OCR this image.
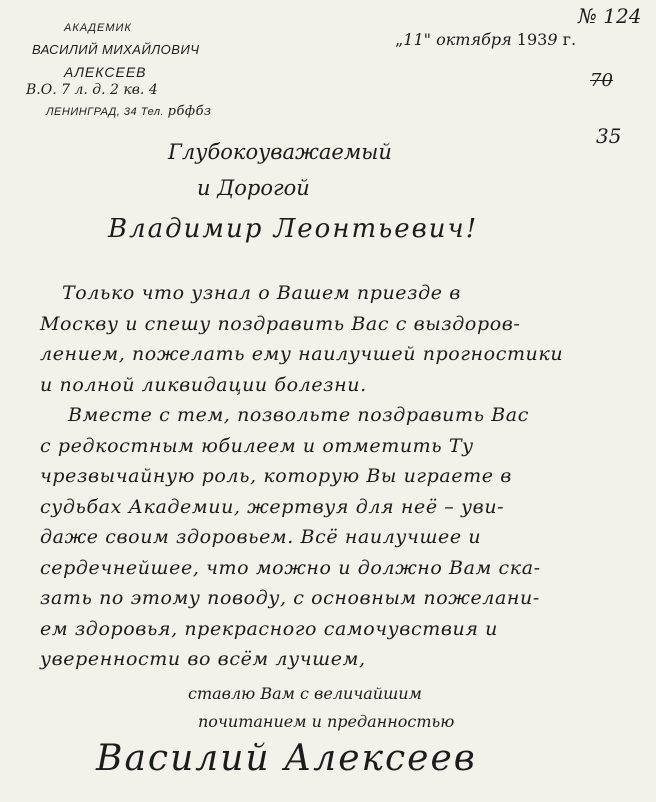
АКАДЕМИК
ВАСИЛИЙ МИХАЙЛОВИЧ
АЛЕКСЕЕВ
В.О. 7 л. д. 2 кв. 4
ЛЕНИНГРАД, 34 Тел. рбфбз
„11" октября 1939 г.
№ 124
70
35
Глубокоуважаемый
и Дорогой
Владимир Леонтьевич!
Только что узнал о Вашем приезде в
Москву и спешу поздравить Вас с выздоров-
лением, пожелать ему наилучшей прогностики
и полной ликвидации болезни.
Вместе с тем, позвольте поздравить Вас
с редкостным юбилеем и отметить Ту
чрезвычайную роль, которую Вы играете в
судьбах Академии, жертвуя для неё – уви-
даже своим здоровьем. Всё наилучшее и
сердечнейшее, что можно и должно Вам ска-
зать по этому поводу, с основным пожелани-
ем здоровья, прекрасного самочувствия и
уверенности во всём лучшем,
ставлю Вам с величайшим
почитанием и преданностью
Василий Алексеев
